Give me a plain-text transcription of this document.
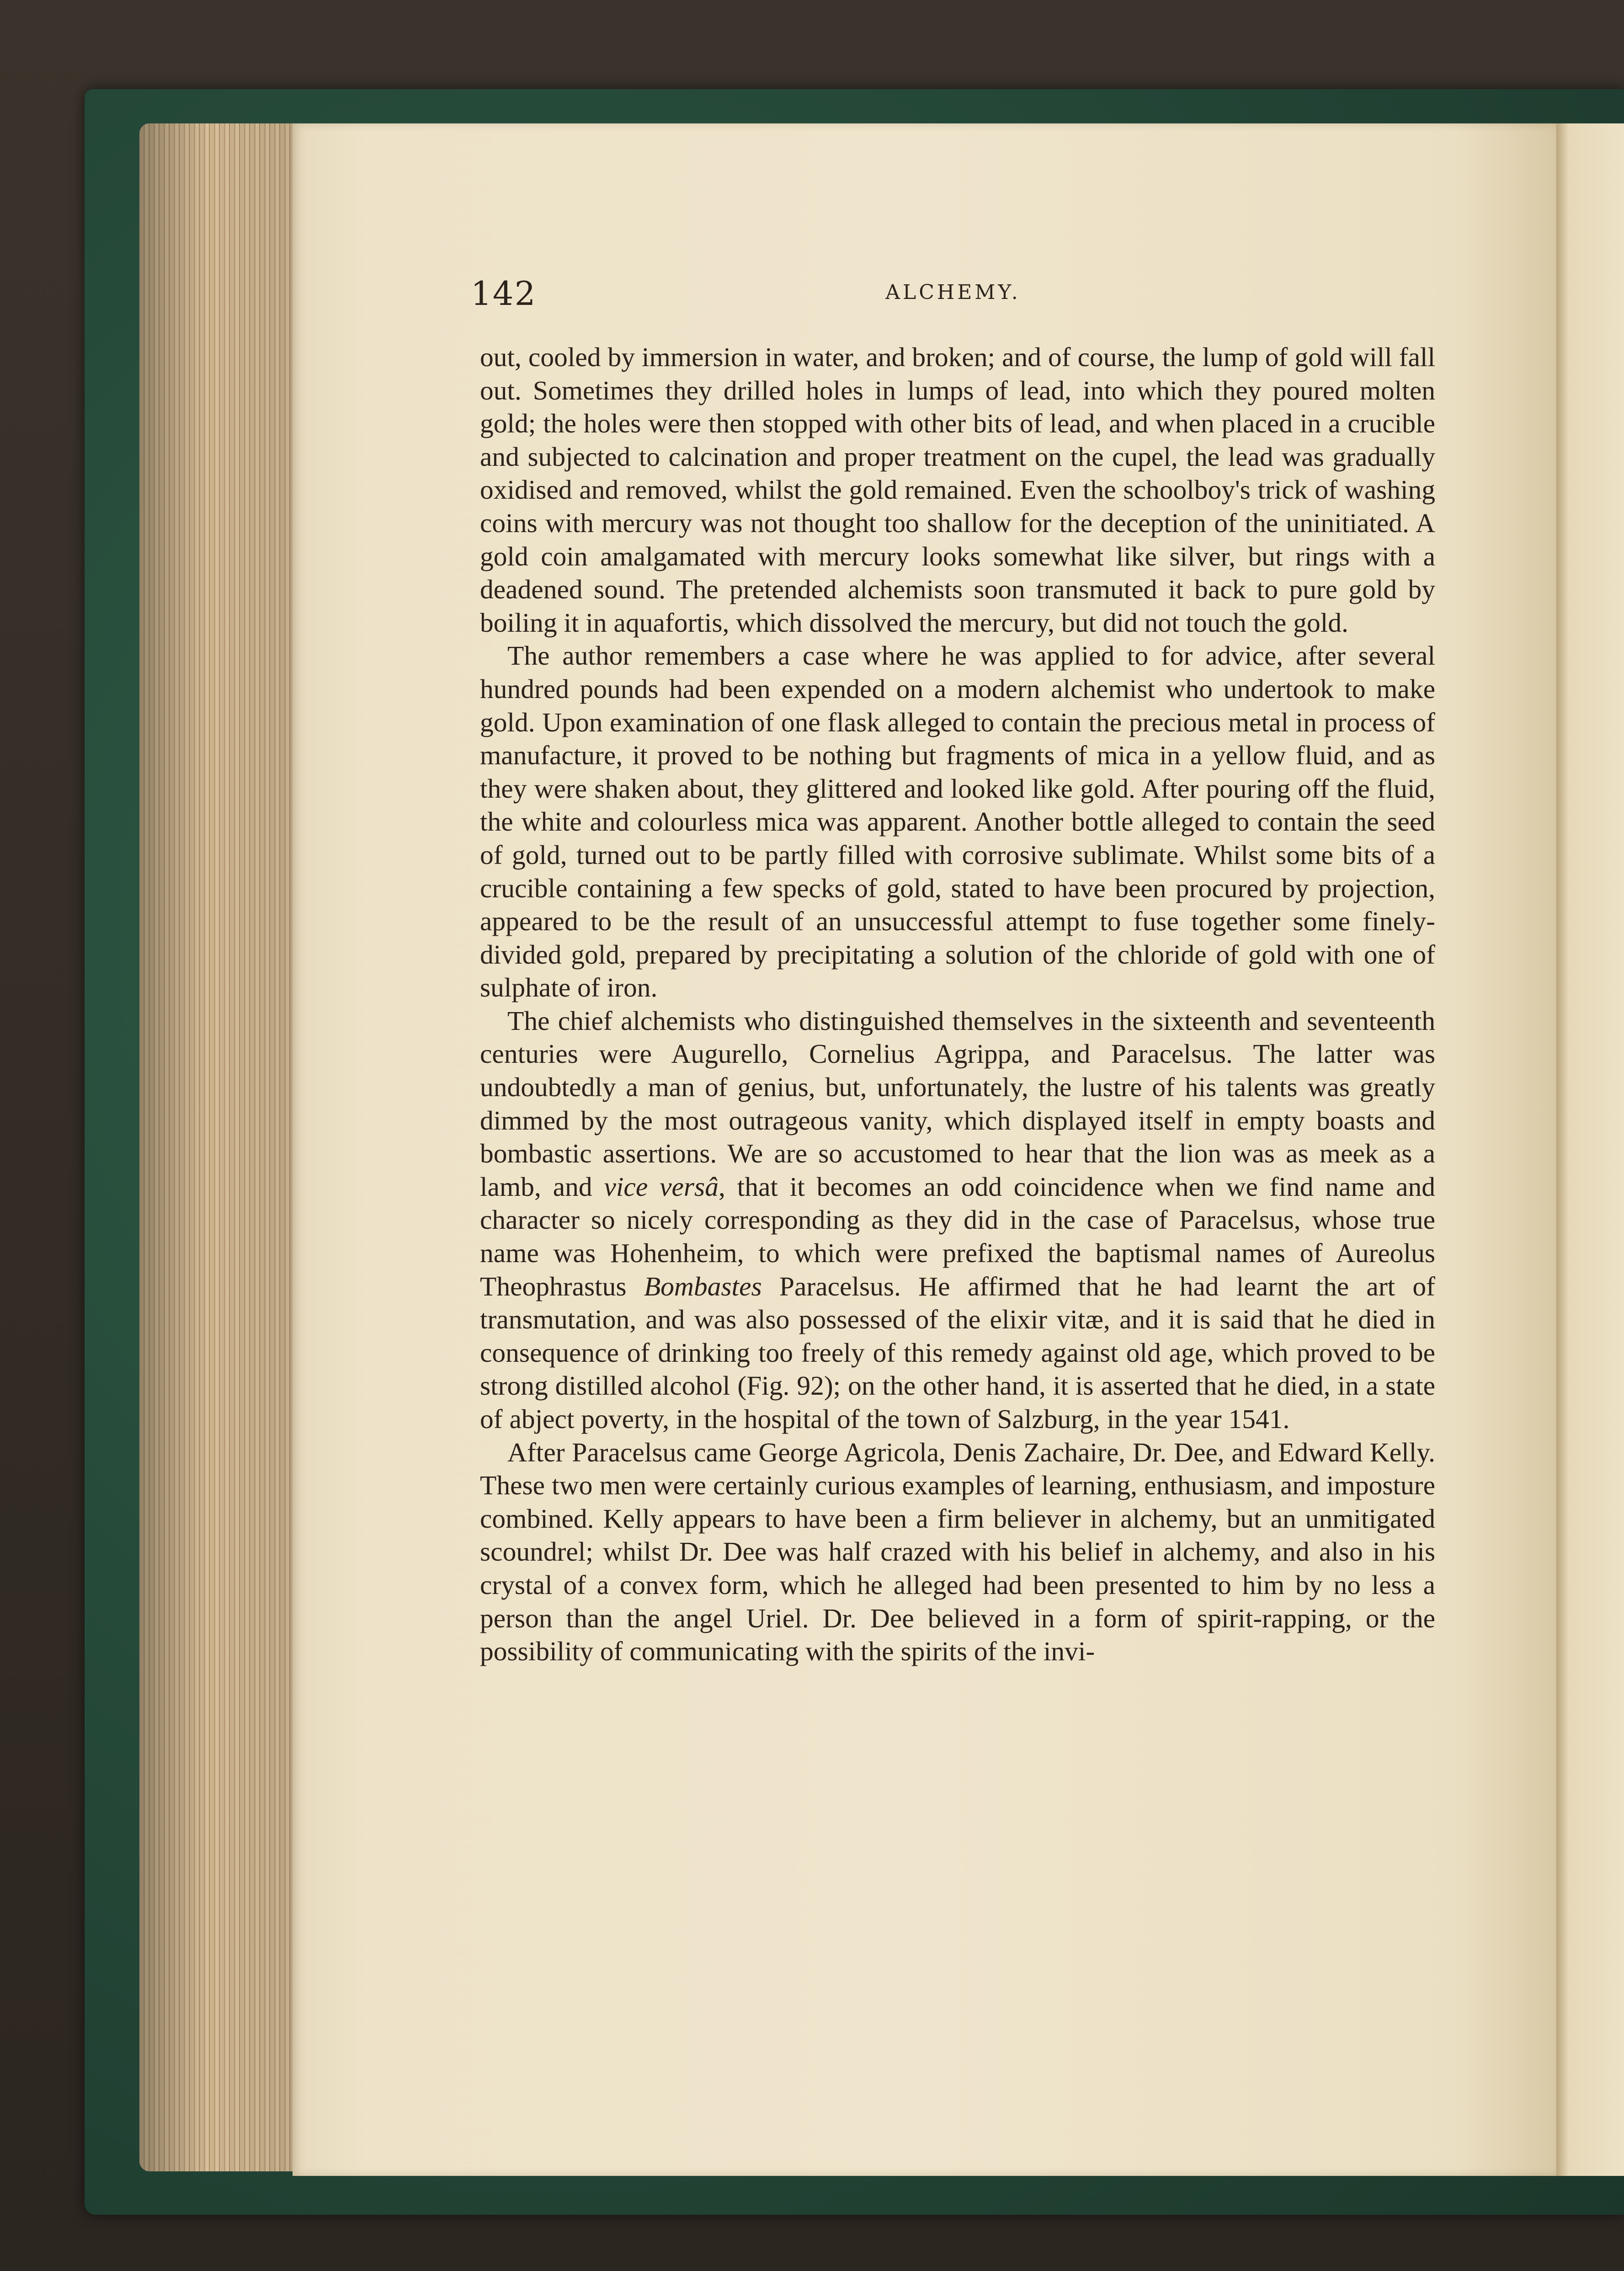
142	ALCHEMY.

out, cooled by immersion in water, and broken; and of course, the lump of gold will fall out. Sometimes they drilled holes in lumps of lead, into which they poured molten gold; the holes were then stopped with other bits of lead, and when placed in a crucible and subjected to calcination and proper treatment on the cupel, the lead was gradually oxidised and removed, whilst the gold remained. Even the schoolboy's trick of washing coins with mercury was not thought too shallow for the deception of the uninitiated. A gold coin amalgamated with mercury looks somewhat like silver, but rings with a deadened sound. The pretended alchemists soon transmuted it back to pure gold by boiling it in aquafortis, which dissolved the mercury, but did not touch the gold.

The author remembers a case where he was applied to for advice, after several hundred pounds had been expended on a modern alchemist who undertook to make gold. Upon examination of one flask alleged to contain the precious metal in process of manufacture, it proved to be nothing but fragments of mica in a yellow fluid, and as they were shaken about, they glittered and looked like gold. After pouring off the fluid, the white and colourless mica was apparent. Another bottle alleged to contain the seed of gold, turned out to be partly filled with corrosive sublimate. Whilst some bits of a crucible containing a few specks of gold, stated to have been procured by projection, appeared to be the result of an unsuccessful attempt to fuse together some finely-divided gold, prepared by precipitating a solution of the chloride of gold with one of sulphate of iron.

The chief alchemists who distinguished themselves in the sixteenth and seventeenth centuries were Augurello, Cornelius Agrippa, and Paracelsus. The latter was undoubtedly a man of genius, but, unfortunately, the lustre of his talents was greatly dimmed by the most outrageous vanity, which displayed itself in empty boasts and bombastic assertions. We are so accustomed to hear that the lion was as meek as a lamb, and vice versâ, that it becomes an odd coincidence when we find name and character so nicely corresponding as they did in the case of Paracelsus, whose true name was Hohenheim, to which were prefixed the baptismal names of Aureolus Theophrastus Bombastes Paracelsus. He affirmed that he had learnt the art of transmutation, and was also possessed of the elixir vitæ, and it is said that he died in consequence of drinking too freely of this remedy against old age, which proved to be strong distilled alcohol (Fig. 92); on the other hand, it is asserted that he died, in a state of abject poverty, in the hospital of the town of Salzburg, in the year 1541.

After Paracelsus came George Agricola, Denis Zachaire, Dr. Dee, and Edward Kelly. These two men were certainly curious examples of learning, enthusiasm, and imposture combined. Kelly appears to have been a firm believer in alchemy, but an unmitigated scoundrel; whilst Dr. Dee was half crazed with his belief in alchemy, and also in his crystal of a convex form, which he alleged had been presented to him by no less a person than the angel Uriel. Dr. Dee believed in a form of spirit-rapping, or the possibility of communicating with the spirits of the invi-
